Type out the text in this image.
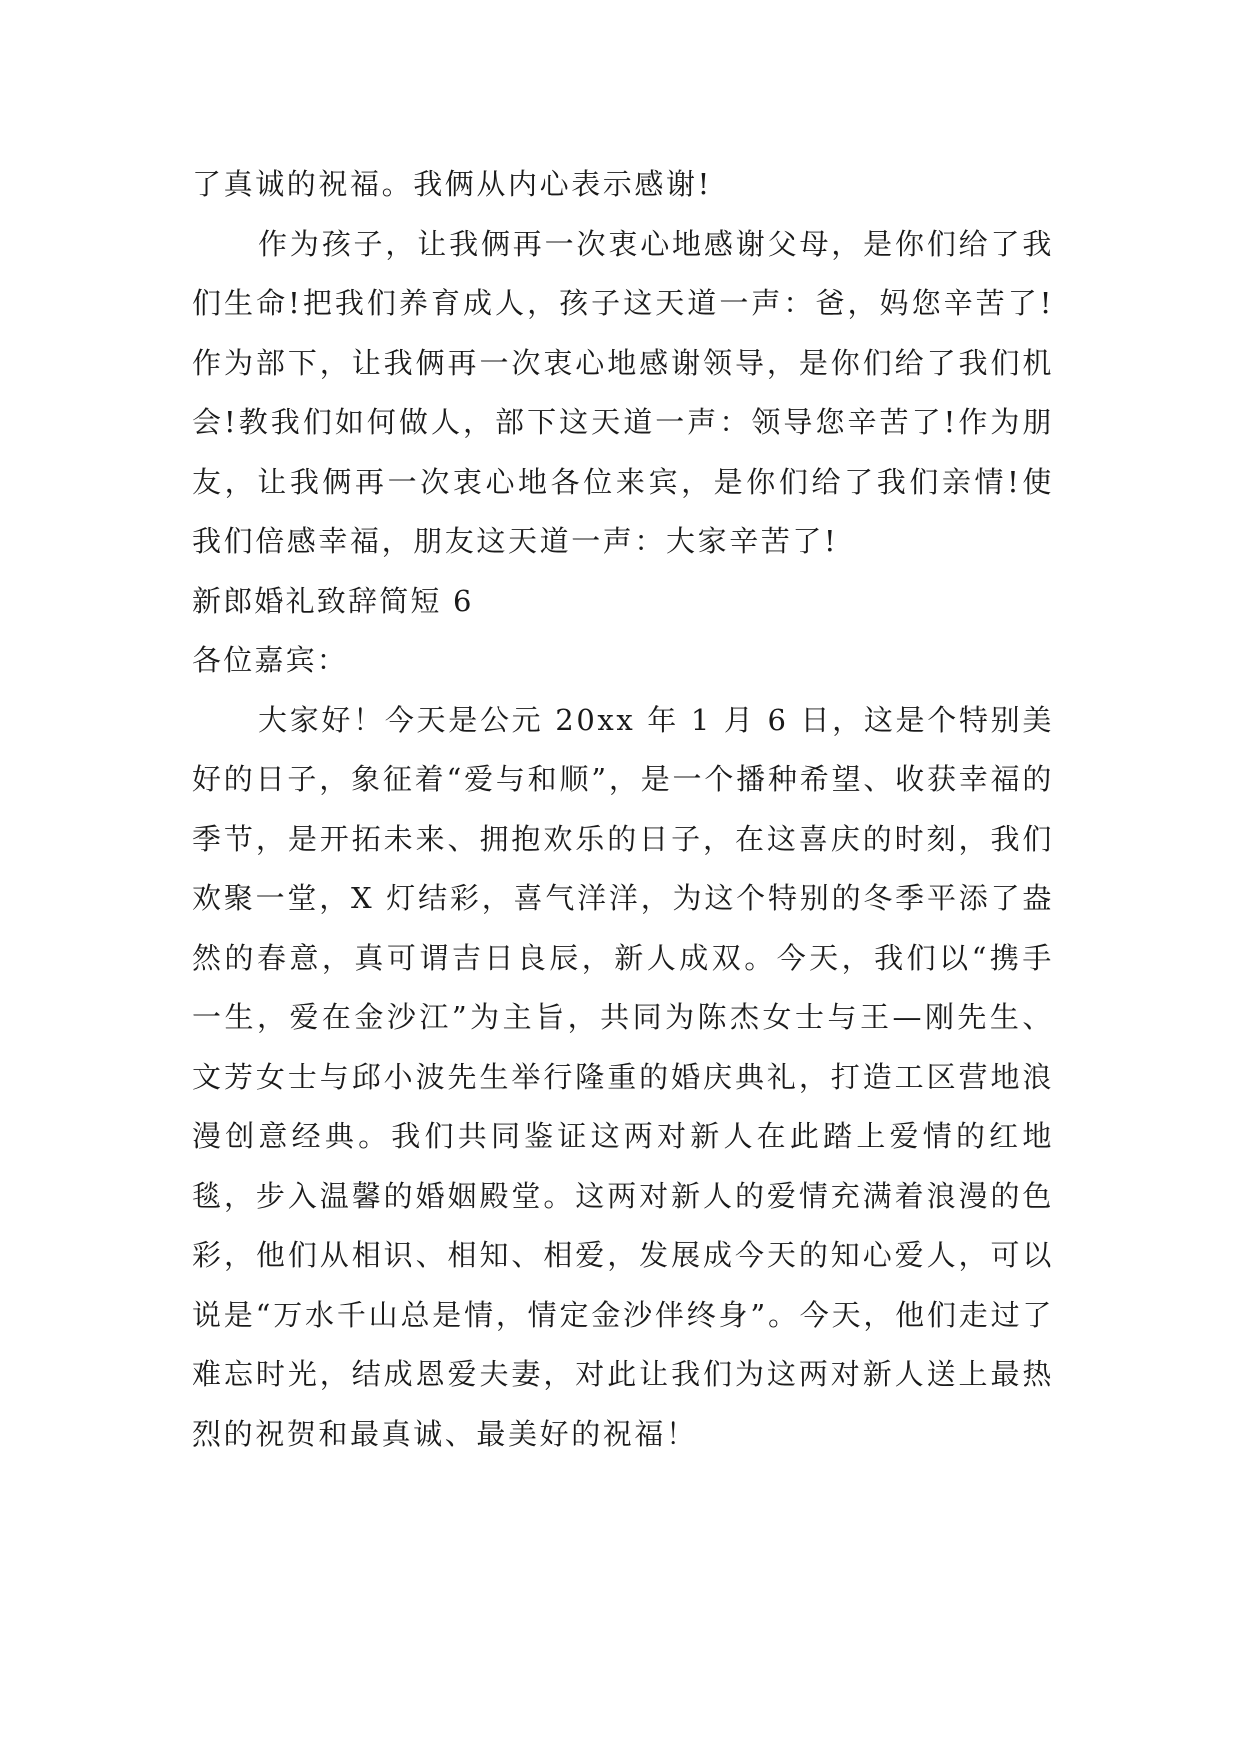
了真诚的祝福。我俩从内心表示感谢!

作为孩子，让我俩再一次衷心地感谢父母，是你们给了我们生命!把我们养育成人，孩子这天道一声：爸，妈您辛苦了!作为部下，让我俩再一次衷心地感谢领导，是你们给了我们机会!教我们如何做人，部下这天道一声：领导您辛苦了!作为朋友，让我俩再一次衷心地各位来宾，是你们给了我们亲情!使我们倍感幸福，朋友这天道一声：大家辛苦了!

新郎婚礼致辞简短 6

各位嘉宾：

大家好！今天是公元 20xx 年 1 月 6 日，这是个特别美好的日子，象征着“爱与和顺”，是一个播种希望、收获幸福的季节，是开拓未来、拥抱欢乐的日子，在这喜庆的时刻，我们欢聚一堂，X 灯结彩，喜气洋洋，为这个特别的冬季平添了盎然的春意，真可谓吉日良辰，新人成双。今天，我们以“携手一生，爱在金沙江”为主旨，共同为陈杰女士与王—刚先生、文芳女士与邱小波先生举行隆重的婚庆典礼，打造工区营地浪漫创意经典。我们共同鉴证这两对新人在此踏上爱情的红地毯，步入温馨的婚姻殿堂。这两对新人的爱情充满着浪漫的色彩，他们从相识、相知、相爱，发展成今天的知心爱人，可以说是“万水千山总是情，情定金沙伴终身”。今天，他们走过了难忘时光，结成恩爱夫妻，对此让我们为这两对新人送上最热烈的祝贺和最真诚、最美好的祝福！
